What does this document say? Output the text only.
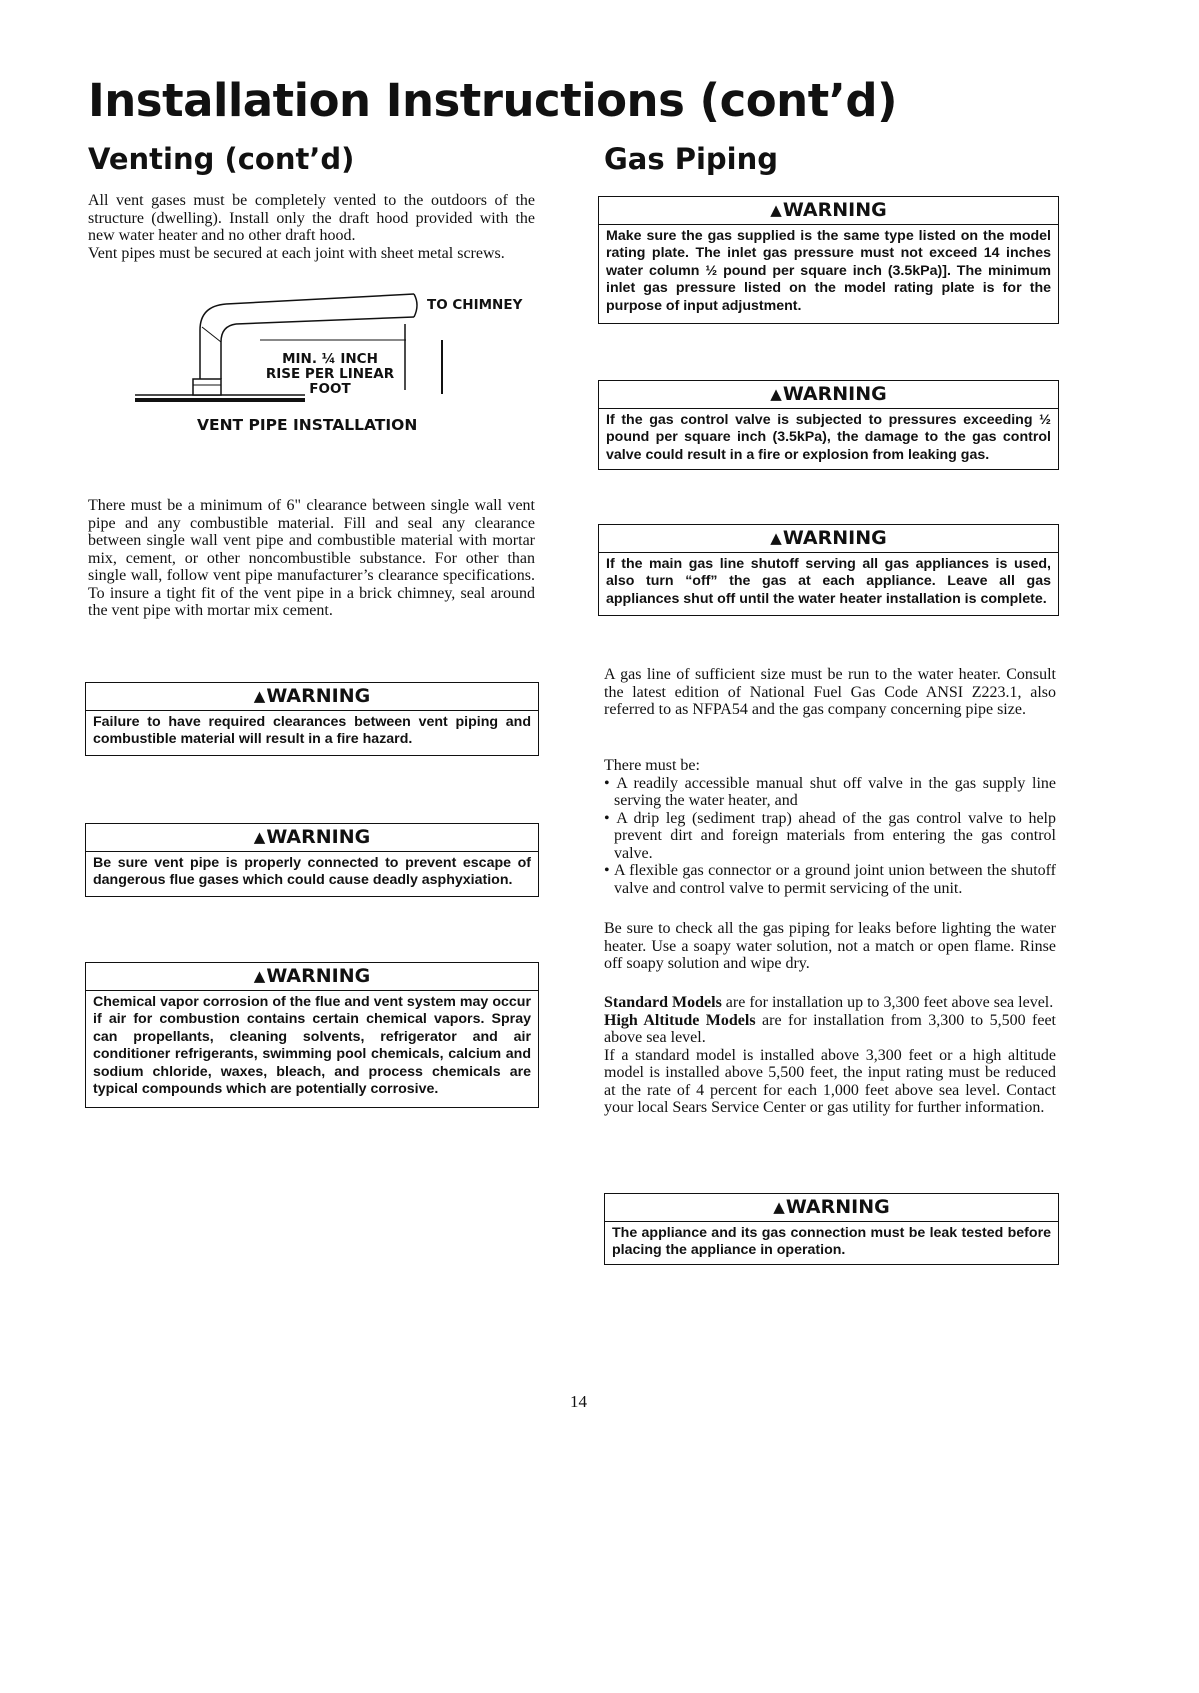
Installation Instructions (cont’d)
Venting (cont’d)

All vent gases must be completely vented to the outdoors of the structure (dwelling). Install only the draft hood provided with the new water heater and no other draft hood.

Vent pipes must be secured at each joint with sheet metal screws.

TO CHIMNEY
MIN. ¼ INCH RISE PER LINEAR FOOT
VENT PIPE INSTALLATION
There must be a minimum of 6" clearance between single wall vent pipe and any combustible material. Fill and seal any clearance between single wall vent pipe and combustible material with mortar mix, cement, or other noncombustible substance. For other than single wall, follow vent pipe manufacturer’s clearance specifications. To insure a tight fit of the vent pipe in a brick chimney, seal around the vent pipe with mortar mix cement.
▲WARNING
Failure to have required clearances between vent piping and combustible material will result in a fire hazard.
▲WARNING
Be sure vent pipe is properly connected to prevent escape of dangerous flue gases which could cause deadly asphyxiation.
▲WARNING
Chemical vapor corrosion of the flue and vent system may occur if air for combustion contains certain chemical vapors. Spray can propellants, cleaning solvents, refrigerator and air conditioner refrigerants, swimming pool chemicals, calcium and sodium chloride, waxes, bleach, and process chemicals are typical compounds which are potentially corrosive.
Gas Piping
▲WARNING
Make sure the gas supplied is the same type listed on the model rating plate. The inlet gas pressure must not exceed 14 inches water column ½ pound per square inch (3.5kPa)]. The minimum inlet gas pressure listed on the model rating plate is for the purpose of input adjustment.
▲WARNING
If the gas control valve is subjected to pressures exceeding ½ pound per square inch (3.5kPa), the damage to the gas control valve could result in a fire or explosion from leaking gas.
▲WARNING
If the main gas line shutoff serving all gas appliances is used, also turn “off” the gas at each appliance. Leave all gas appliances shut off until the water heater installation is complete.
A gas line of sufficient size must be run to the water heater. Consult the latest edition of National Fuel Gas Code ANSI Z223.1, also referred to as NFPA54 and the gas company concerning pipe size.

There must be:

• A readily accessible manual shut off valve in the gas supply line serving the water heater, and
• A drip leg (sediment trap) ahead of the gas control valve to help prevent dirt and foreign materials from entering the gas control valve.
• A flexible gas connector or a ground joint union between the shutoff valve and control valve to permit servicing of the unit.
Be sure to check all the gas piping for leaks before lighting the water heater. Use a soapy water solution, not a match or open flame. Rinse off soapy solution and wipe dry.

Standard Models are for installation up to 3,300 feet above sea level.

High Altitude Models are for installation from 3,300 to 5,500 feet above sea level.

If a standard model is installed above 3,300 feet or a high altitude model is installed above 5,500 feet, the input rating must be reduced at the rate of 4 percent for each 1,000 feet above sea level. Contact your local Sears Service Center or gas utility for further information.

▲WARNING
The appliance and its gas connection must be leak tested before placing the appliance in operation.
14
